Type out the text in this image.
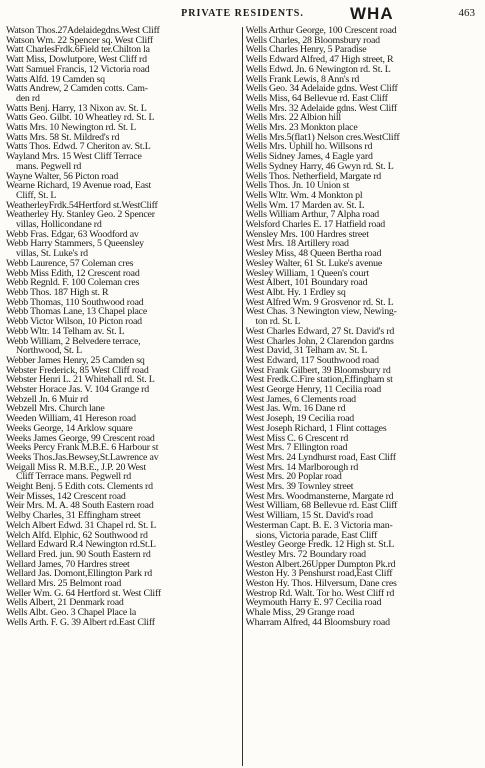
PRIVATE RESIDENTS.	WHA	463
Watson Thos.27Adelaidegdns.West Cliff
Watson Wm. 22 Spencer sq. West Cliff
Watt CharlesFrdk.6Field ter.Chilton la
Watt Miss, Dowlutpore, West Cliff rd
Watt Samuel Francis, 12 Victoria road
Watts Alfd. 19 Camden sq
Watts Andrew, 2 Camden cotts. Cam-
den rd
Watts Benj. Harry, 13 Nixon av. St. L
Watts Geo. Gilbt. 10 Wheatley rd. St. L
Watts Mrs. 10 Newington rd. St. L
Watts Mrs. 58 St. Mildred's rd
Watts Thos. Edwd. 7 Cheriton av. St.L
Wayland Mrs. 15 West Cliff Terrace
mans. Pegwell rd
Wayne Walter, 56 Picton road
Wearne Richard, 19 Avenue road, East
Cliff, St. L
WeatherleyFrdk.54Hertford st.WestCliff
Weatherley Hy. Stanley Geo. 2 Spencer
villas, Hollicondane rd
Webb Fras. Edgar, 63 Woodford av
Webb Harry Stammers, 5 Queensley
villas, St. Luke's rd
Webb Laurence, 57 Coleman cres
Webb Miss Edith, 12 Crescent road
Webb Regnld. F. 100 Coleman cres
Webb Thos. 187 High st. R
Webb Thomas, 110 Southwood road
Webb Thomas Lane, 13 Chapel place
Webb Victor Wilson, 10 Picton road
Webb Wltr. 14 Telham av. St. L
Webb William, 2 Belvedere terrace,
Northwood, St. L
Webber James Henry, 25 Camden sq
Webster Frederick, 85 West Cliff road
Webster Henri L. 21 Whitehall rd. St. L
Webster Horace Jas. V. 104 Grange rd
Webzell Jn. 6 Muir rd
Webzell Mrs. Church lane
Weeden William, 41 Hereson road
Weeks George, 14 Arklow square
Weeks James George, 99 Crescent road
Weeks Percy Frank M.B.E. 6 Harbour st
Weeks Thos.Jas.Bewsey,St.Lawrence av
Weigall Miss R. M.B.E., J.P. 20 West
Cliff Terrace mans. Pegwell rd
Weight Benj. 5 Edith cots. Clements rd
Weir Misses, 142 Crescent road
Weir Mrs. M. A. 48 South Eastern road
Welby Charles, 31 Effingham street
Welch Albert Edwd. 31 Chapel rd. St. L
Welch Alfd. Elphic, 62 Southwood rd
Wellard Edward R.4 Newington rd.St.L
Wellard Fred. jun. 90 South Eastern rd
Wellard James, 70 Hardres street
Wellard Jas. Domont,Ellington Park rd
Wellard Mrs. 25 Belmont road
Weller Wm. G. 64 Hertford st. West Cliff
Wells Albert, 21 Denmark road
Wells Albt. Geo. 3 Chapel Place la
Wells Arth. F. G. 39 Albert rd.East Cliff
Wells Arthur George, 100 Crescent road
Wells Charles, 28 Bloomsbury road
Wells Charles Henry, 5 Paradise
Wells Edward Alfred, 47 High street, R
Wells Edwd. Jn. 6 Newington rd. St. L
Wells Frank Lewis, 8 Ann's rd
Wells Geo. 34 Adelaide gdns. West Cliff
Wells Miss, 64 Bellevue rd. East Cliff
Wells Mrs. 32 Adelaide gdns. West Cliff
Wells Mrs. 22 Albion hill
Wells Mrs. 23 Monkton place
Wells Mrs.5(flat1) Nelson cres.WestCliff
Wells Mrs. Uphill ho. Willsons rd
Wells Sidney James, 4 Eagle yard
Wells Sydney Harry, 46 Gwyn rd. St. L
Wells Thos. Netherfield, Margate rd
Wells Thos. Jn. 10 Union st
Wells Wltr. Wm. 4 Monkton pl
Wells Wm. 17 Marden av. St. L
Wells William Arthur, 7 Alpha road
Welsford Charles E. 17 Hatfield road
Wensley Mrs. 100 Hardres street
West Mrs. 18 Artillery road
Wesley Miss, 48 Queen Bertha road
Wesley Walter, 61 St. Luke's avenue
Wesley William, 1 Queen's court
West Albert, 101 Boundary road
West Albt. Hy. 1 Erdley sq
West Alfred Wm. 9 Grosvenor rd. St. L
West Chas. 3 Newington view, Newing-
ton rd. St. L
West Charles Edward, 27 St. David's rd
West Charles John, 2 Clarendon gardns
West David, 31 Telham av. St. L
West Edward, 117 Southwood road
West Frank Gilbert, 39 Bloomsbury rd
West Fredk.C.Fire station,Effingham st
West George Henry, 11 Cecilia road
West James, 6 Clements road
West Jas. Wm. 16 Dane rd
West Joseph, 19 Cecilia road
West Joseph Richard, 1 Flint cottages
West Miss C. 6 Crescent rd
West Mrs. 7 Ellington road
West Mrs. 24 Lyndhurst road, East Cliff
West Mrs. 14 Marlborough rd
West Mrs. 20 Poplar road
West Mrs. 39 Townley street
West Mrs. Woodmansterne, Margate rd
West William, 68 Bellevue rd. East Cliff
West William, 15 St. David's road
Westerman Capt. B. E. 3 Victoria man-
sions, Victoria parade, East Cliff
Westley George Fredk. 12 High st. St.L
Westley Mrs. 72 Boundary road
Weston Albert.26Upper Dumpton Pk.rd
Weston Hy. 3 Penshurst road,East Cliff
Weston Hy. Thos. Hilversum, Dane cres
Westrop Rd. Walt. Tor ho. West Cliff rd
Weymouth Harry E. 97 Cecilia road
Whale Miss, 29 Grange road
Wharram Alfred, 44 Bloomsbury road
